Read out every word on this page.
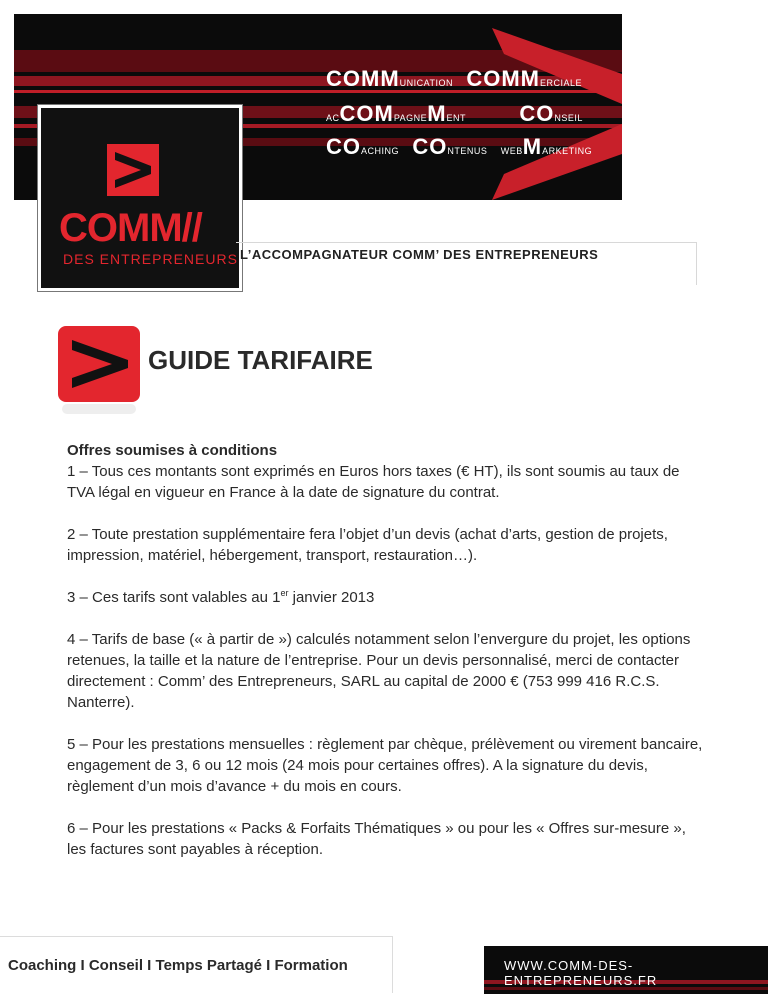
COMMUNICATION COMMERCIALE
ACCOMPAGNEMENT CONSEIL
COACHING CONTENUS WEBMARKETING
COMM//
DES ENTREPRENEURS L’ACCOMPAGNATEUR COMM’ DES ENTREPRENEURS
GUIDE TARIFAIRE
Offres soumises à conditions

1 – Tous ces montants sont exprimés en Euros hors taxes (€ HT), ils sont soumis au taux de TVA légal en vigueur en France à la date de signature du contrat.

2 – Toute prestation supplémentaire fera l’objet d’un devis (achat d’arts, gestion de projets, impression, matériel, hébergement, transport, restauration…).

3 – Ces tarifs sont valables au 1er janvier 2013

4 – Tarifs de base (« à partir de ») calculés notamment selon l’envergure du projet, les options retenues, la taille et la nature de l’entreprise. Pour un devis personnalisé, merci de contacter directement : Comm’ des Entrepreneurs, SARL au capital de 2000 € (753 999 416 R.C.S. Nanterre).

5 – Pour les prestations mensuelles : règlement par chèque, prélèvement ou virement bancaire, engagement de 3, 6 ou 12 mois (24 mois pour certaines offres). A la signature du devis, règlement d’un mois d’avance + du mois en cours.

6 – Pour les prestations « Packs & Forfaits Thématiques » ou pour les « Offres sur-mesure », les factures sont payables à réception.

Coaching I Conseil I Temps Partagé I Formation	WWW.COMM-DES-ENTREPRENEURS.FR
